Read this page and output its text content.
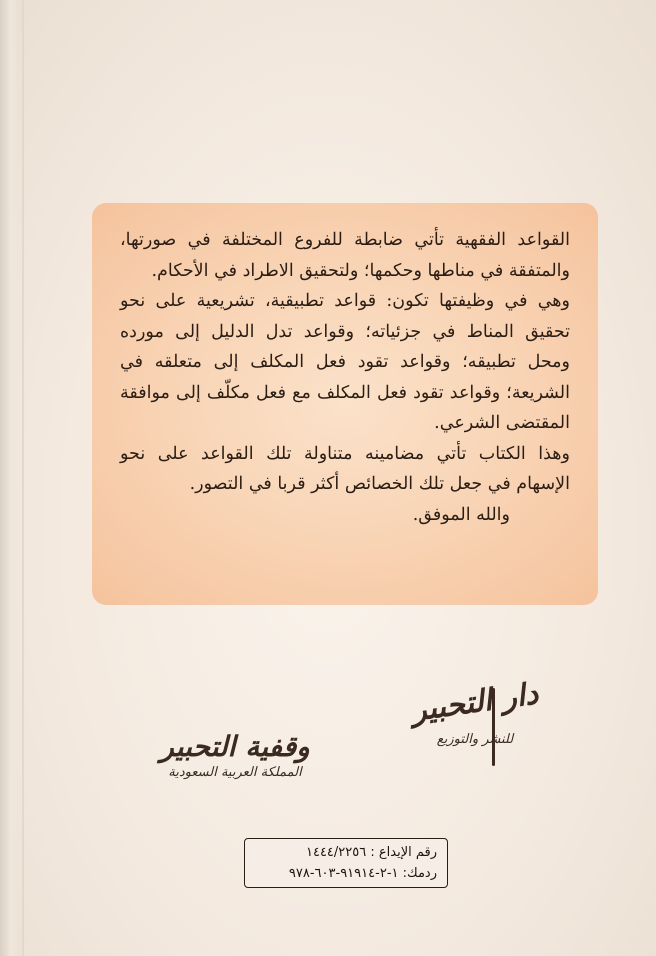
القواعد الفقهية تأتي ضابطة للفروع المختلفة في صورتها، والمتفقة في مناطها وحكمها؛ ولتحقيق الاطراد في الأحكام.

وهي في وظيفتها تكون: قواعد تطبيقية، تشريعية على نحو تحقيق المناط في جزئياته؛ وقواعد تدل الدليل إلى مورده ومحل تطبيقه؛ وقواعد تقود فعل المكلف إلى متعلقه في الشريعة؛ وقواعد تقود فعل المكلف مع فعل مكلّف إلى موافقة المقتضى الشرعي.

وهذا الكتاب تأتي مضامينه متناولة تلك القواعد على نحو الإسهام في جعل تلك الخصائص أكثر قربا في التصور.

والله الموفق.

دار التحبير
للنشر والتوزيع
وقفية التحبير
المملكة العربية السعودية
رقم الإيداع : ١٤٤٤/٢٢٥٦
ردمك: ١-٢-٩١٩١٤-٦٠٣-٩٧٨
